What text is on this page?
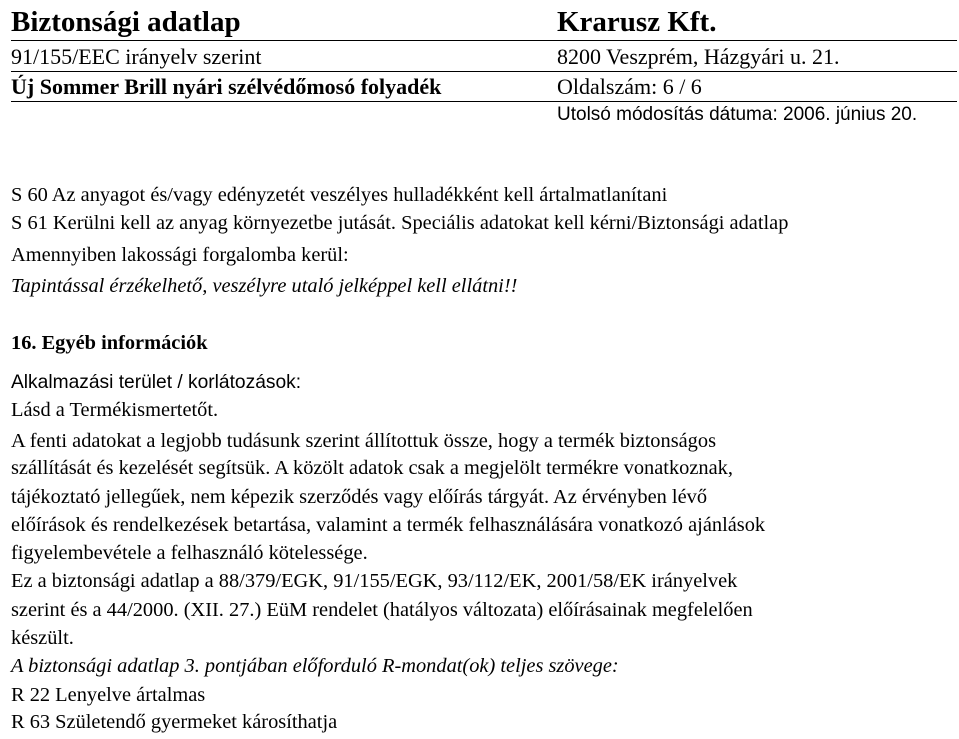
Biztonsági adatlap	Krarusz Kft.
91/155/EEC irányelv szerint	8200 Veszprém, Házgyári u. 21.
Új Sommer Brill nyári szélvédőmosó folyadék	Oldalszám: 6 / 6
Utolsó módosítás dátuma: 2006. június 20.
S 60 Az anyagot és/vagy edényzetét veszélyes hulladékként kell ártalmatlanítani
S 61 Kerülni kell az anyag környezetbe jutását. Speciális adatokat kell kérni/Biztonsági adatlap
Amennyiben lakossági forgalomba kerül:
Tapintással érzékelhető, veszélyre utaló jelképpel kell ellátni!!
16. Egyéb információk
Alkalmazási terület / korlátozások:
Lásd a Termékismertetőt.
A fenti adatokat a legjobb tudásunk szerint állítottuk össze, hogy a termék biztonságos
szállítását és kezelését segítsük. A közölt adatok csak a megjelölt termékre vonatkoznak,
tájékoztató jellegűek, nem képezik szerződés vagy előírás tárgyát. Az érvényben lévő
előírások és rendelkezések betartása, valamint a termék felhasználására vonatkozó ajánlások
figyelembevétele a felhasználó kötelessége.
Ez a biztonsági adatlap a 88/379/EGK, 91/155/EGK, 93/112/EK, 2001/58/EK irányelvek
szerint és a 44/2000. (XII. 27.) EüM rendelet (hatályos változata) előírásainak megfelelően
készült.
A biztonsági adatlap 3. pontjában előforduló R-mondat(ok) teljes szövege:
R 22 Lenyelve ártalmas
R 63 Születendő gyermeket károsíthatja
